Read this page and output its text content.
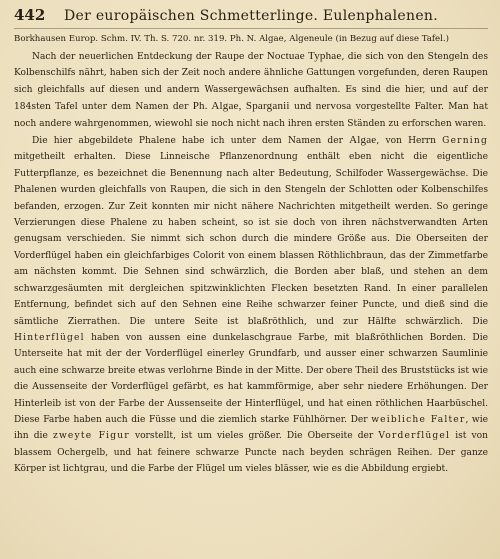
442	Der europäischen Schmetterlinge. Eulenphalenen.

Borkhausen Europ. Schm. IV. Th. S. 720. nr. 319. Ph. N. Algae, Algeneule (in Bezug auf diese Tafel.)

Nach der neuerlichen Entdeckung der Raupe der Noctuae Typhae, die sich von den Stengeln des Kolbenschilfs nährt, haben sich der Zeit noch andere ähnliche Gattungen vorgefunden, deren Raupen sich gleichfalls auf diesen und andern Wassergewächsen aufhalten. Es sind die hier, und auf der 184sten Tafel unter dem Namen der Ph. Algae, Sparganii und nervosa vorgestellte Falter. Man hat noch andere wahrgenommen, wiewohl sie noch nicht nach ihren ersten Ständen zu erforschen waren.

Die hier abgebildete Phalene habe ich unter dem Namen der Algae, von Herrn Gerning mitgetheilt erhalten. Diese Linneische Pflanzenordnung enthält eben nicht die eigentliche Futterpflanze, es bezeichnet die Benennung nach alter Bedeutung, Schilfoder Wassergewächse. Die Phalenen wurden gleichfalls von Raupen, die sich in den Stengeln der Schlotten oder Kolbenschilfes befanden, erzogen. Zur Zeit konnten mir nicht nähere Nachrichten mitgetheilt werden. So geringe Verzierungen diese Phalene zu haben scheint, so ist sie doch von ihren nächstverwandten Arten genugsam verschieden. Sie nimmt sich schon durch die mindere Größe aus. Die Oberseiten der Vorderflügel haben ein gleichfarbiges Colorit von einem blassen Röthlichbraun, das der Zimmetfarbe am nächsten kommt. Die Sehnen sind schwärzlich, die Borden aber blaß, und stehen an dem schwarzgesäumten mit dergleichen spitzwinklichten Flecken besetzten Rand. In einer parallelen Entfernung, befindet sich auf den Sehnen eine Reihe schwarzer feiner Puncte, und dieß sind die sämtliche Zierrathen. Die untere Seite ist blaßröthlich, und zur Hälfte schwärzlich. Die Hinterflügel haben von aussen eine dunkelaschgraue Farbe, mit blaßröthlichen Borden. Die Unterseite hat mit der der Vorderflügel einerley Grundfarb, und ausser einer schwarzen Saumlinie auch eine schwarze breite etwas verlohrne Binde in der Mitte. Der obere Theil des Bruststücks ist wie die Aussenseite der Vorderflügel gefärbt, es hat kammförmige, aber sehr niedere Erhöhungen. Der Hinterleib ist von der Farbe der Aussenseite der Hinterflügel, und hat einen röthlichen Haarbüschel. Diese Farbe haben auch die Füsse und die ziemlich starke Fühlhörner. Der weibliche Falter, wie ihn die zweyte Figur vorstellt, ist um vieles größer. Die Oberseite der Vorderflügel ist von blassem Ochergelb, und hat feinere schwarze Puncte nach beyden schrägen Reihen. Der ganze Körper ist lichtgrau, und die Farbe der Flügel um vieles blässer, wie es die Abbildung ergiebt.
